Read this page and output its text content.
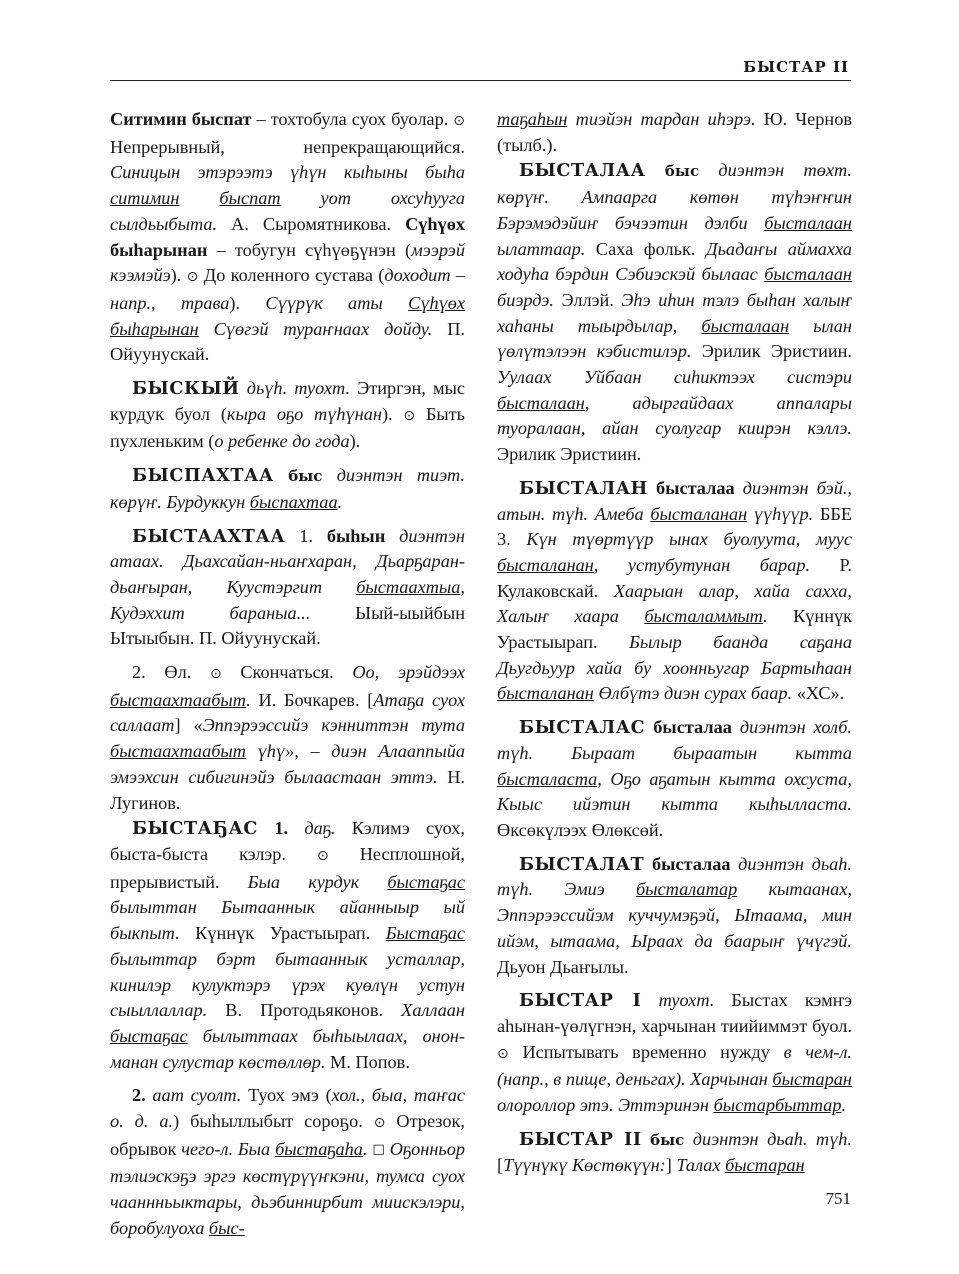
БЫСТАР II

Ситимин быспат – тохтобула суох буолар. ⊙ Непрерывный, непрекращающийся. Синицын этэрээтэ үһүн кыһыны быһа ситимин быспат уот охсуһууга сылдьыбыта. А. Сыромятникова. Сүһүөх быһарынан – тобугун сүһүөҕүнэн (мээрэй кээмэйэ). ⊙ До коленного сустава (доходит – напр., трава). Сүүрүк аты Сүһүөх быһарынан Сүөгэй тураҥнаах дойду. П. Ойуунускай.

БЫСКЫЙ дьүһ. туохт. Этиргэн, мыс курдук буол (кыра оҕо түһүнан). ⊙ Быть пухленьким (о ребенке до года).

БЫСПАХТАА быс диэнтэн тиэт. көрүҥ. Бурдуккун быспахтаа.

БЫСТААХТАА 1. быһын диэнтэн атаах. Дьахсайан-ньаҥхаран, Дьарҕаран-дьаҥыран, Куустэргит быстаахтыа, Кудэххит бараныа... Ыый-ыыйбын Ытыыбын. П. Ойуунускай.

2. Өл. ⊙ Скончаться. Оо, эрэйдээх быстаахтаабыт. И. Бочкарев. [Атаҕа суох саллаат] «Эппэрээссийэ кэнниттэн тута быстаахтаабыт үһү», – диэн Алааппыйа эмээхсин сибигинэйэ былаастаан эттэ. Н. Лугинов.

БЫСТАҔАС 1. даҕ. Кэлимэ суох, быста-быста кэлэр. ⊙ Несплошной, прерывистый. Быа курдук быстаҕас былыттан Бытааннык айанныыр ый быкпыт. Күннүк Урастыырап. Быстаҕас былыттар бэрт бытааннык усталлар, кинилэр кулуктэрэ үрэх куөлүн устун сыыллаллар. В. Протодьяконов. Халлаан быстаҕас былыттаах быһыылаах, онон-манан сулустар көстөллөр. М. Попов.

2. аат суолт. Туох эмэ (хол., быа, таҥас о. д. а.) быһыллыбыт сороҕо. ⊙ Отрезок, обрывок чего-л. Быа быстаҕаһа. ☐ Оҕонньор тэлиэскэҕэ эргэ көстүрүүҥкэни, тумса суох чааннньыктары, дьэбиннирбит миискэлэри, боробулуоха быс-

таҕаһын тиэйэн тардан иһэрэ. Ю. Чернов (тылб.).

БЫСТАЛАА быс диэнтэн төхт. көрүҥ. Ампаарга көтөн түһэҥҥин Бэрэмэдэйиҥ бэчээтин дэлби бысталаан ылаттаар. Саха фольк. Дьадаҥы аймахха ходуһа бэрдин Сэбиэскэй былаас бысталаан биэрдэ. Эллэй. Эһэ иһин тэлэ быһан халыҥ хаһаны тыырдылар, бысталаан ылан үөлүтэлээн кэбистилэр. Эрилик Эристиин. Уулаах Уйбаан сиһиктээх систэри бысталаан, адыргайдаах аппалары туоралаан, айан суолугар киирэн кэллэ. Эрилик Эристиин.

БЫСТАЛАН бысталаа диэнтэн бэй., атын. түһ. Амеба бысталанан үүһүүр. ББЕ 3. Күн түөртүүр ынах буолуута, муус бысталанан, устубутунан барар. Р. Кулаковскай. Хаарыан алар, хайа сахха, Халыҥ хаара бысталаммыт. Күннүк Урастыырап. Былыр баанда саҕана Дьугдьуур хайа бу хоонньугар Бартыһаан бысталанан Өлбүтэ диэн сурах баар. «ХС».

БЫСТАЛАС бысталаа диэнтэн холб. түһ. Быраат быраатын кытта бысталаста, Оҕо аҕатын кытта охсуста, Кыыс ийэтин кытта кыһылласта. Өксөкүлээх Өлөксөй.

БЫСТАЛАТ бысталаа диэнтэн дьаһ. түһ. Эмиэ бысталатар кытаанах, Эппэрээссийэм куччумэҕэй, Ытаама, мин ийэм, ытаама, Ыраах да баарыҥ үчүгэй. Дьуон Дьаҥылы.

БЫСТАР I туохт. Быстах кэмҥэ аһынан-үөлүгнэн, харчынан тиийиммэт буол. ⊙ Испытывать временно нужду в чем-л. (напр., в пище, деньгах). Харчынан быстаран олороллор этэ. Эттэринэн быстарбыттар.

БЫСТАР II быс диэнтэн дьаһ. түһ. [Түүнүкү Көстөкүүн:] Талах быстаран

751
